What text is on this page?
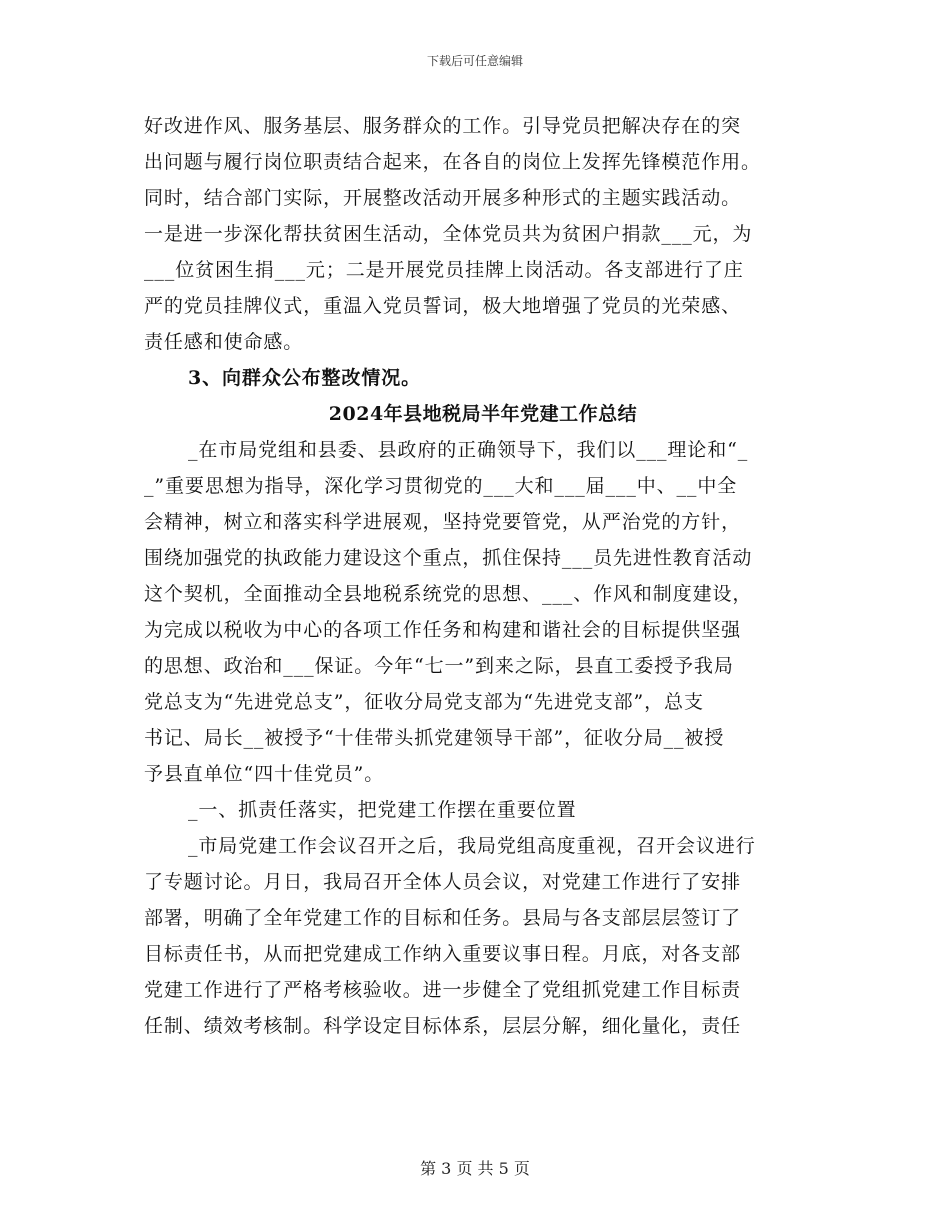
下载后可任意编辑
好改进作风、服务基层、服务群众的工作。引导党员把解决存在的突
出问题与履行岗位职责结合起来，在各自的岗位上发挥先锋模范作用。
同时，结合部门实际，开展整改活动开展多种形式的主题实践活动。
一是进一步深化帮扶贫困生活动，全体党员共为贫困户捐款___元，为
___位贫困生捐___元；二是开展党员挂牌上岗活动。各支部进行了庄
严的党员挂牌仪式，重温入党员誓词，极大地增强了党员的光荣感、
责任感和使命感。
3、向群众公布整改情况。
2024年县地税局半年党建工作总结
_在市局党组和县委、县政府的正确领导下，我们以___理论和“_
_”重要思想为指导，深化学习贯彻党的___大和___届___中、__中全
会精神，树立和落实科学进展观，坚持党要管党，从严治党的方针，
围绕加强党的执政能力建设这个重点，抓住保持___员先进性教育活动
这个契机，全面推动全县地税系统党的思想、___、作风和制度建设，
为完成以税收为中心的各项工作任务和构建和谐社会的目标提供坚强
的思想、政治和___保证。今年“七一”到来之际，县直工委授予我局
党总支为“先进党总支”，征收分局党支部为“先进党支部”，总支
书记、局长__被授予“十佳带头抓党建领导干部”，征收分局__被授
予县直单位“四十佳党员”。
_一、抓责任落实，把党建工作摆在重要位置
_市局党建工作会议召开之后，我局党组高度重视，召开会议进行
了专题讨论。月日，我局召开全体人员会议，对党建工作进行了安排
部署，明确了全年党建工作的目标和任务。县局与各支部层层签订了
目标责任书，从而把党建成工作纳入重要议事日程。月底，对各支部
党建工作进行了严格考核验收。进一步健全了党组抓党建工作目标责
任制、绩效考核制。科学设定目标体系，层层分解，细化量化，责任
第 3 页 共 5 页
